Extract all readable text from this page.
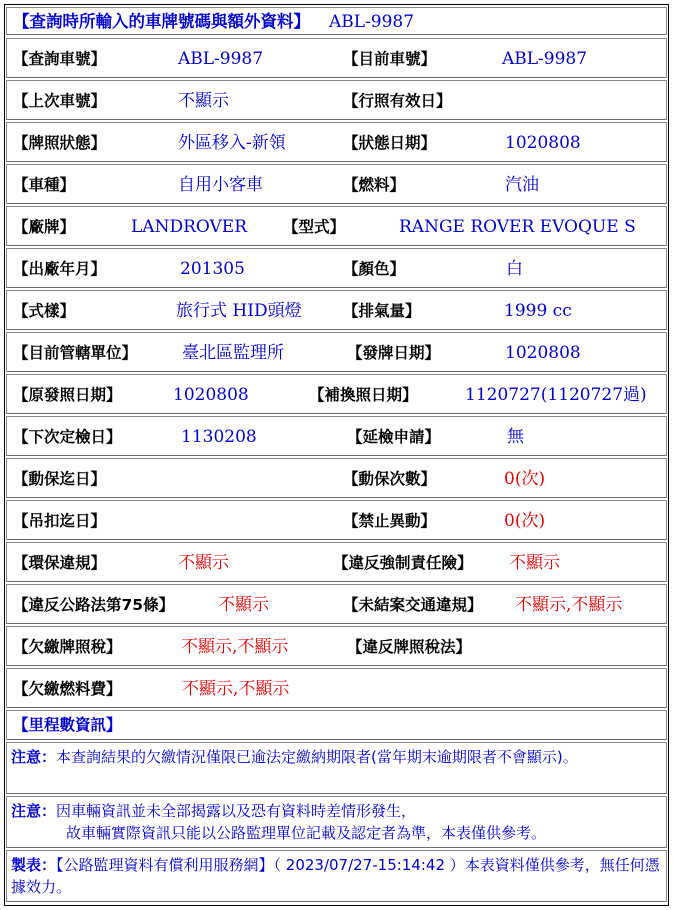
【查詢時所輸入的車牌號碼與額外資料】 ABL-9987
【查詢車號】	ABL-9987	【目前車號】	ABL-9987
【上次車號】	不顯示	【行照有效日】
【牌照狀態】	外區移入-新領	【狀態日期】	1020808
【車種】	自用小客車	【燃料】	汽油
【廠牌】	LANDROVER 【型式】	RANGE ROVER EVOQUE S
【出廠年月】	201305	【顏色】	白
【式樣】	旅行式 HID頭燈	【排氣量】	1999 cc
【目前管轄單位】	臺北區監理所	【發牌日期】	1020808
【原發照日期】	1020808	【補換照日期】	1120727(1120727過)
【下次定檢日】	1130208	【延檢申請】	無
【動保迄日】	【動保次數】	0(次)
【吊扣迄日】	【禁止異動】	0(次)
【環保違規】	不顯示	【違反強制責任險】 不顯示
【違反公路法第75條】	不顯示	【未結案交通違規】 不顯示,不顯示
【欠繳牌照稅】	不顯示,不顯示	【違反牌照稅法】
【欠繳燃料費】	不顯示,不顯示
【里程數資訊】
注意：本查詢結果的欠繳情況僅限已逾法定繳納期限者(當年期末逾期限者不會顯示)。
注意：因車輛資訊並未全部揭露以及恐有資料時差情形發生，
故車輛實際資訊只能以公路監理單位記載及認定者為準，本表僅供參考。
製表：【公路監理資料有償利用服務網】（ 2023/07/27-15:14:42 ）本表資料僅供參考，無任何憑據效力。
